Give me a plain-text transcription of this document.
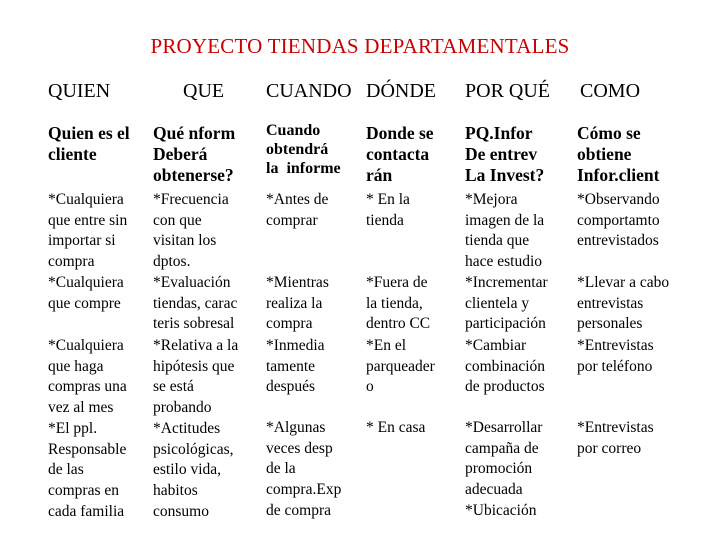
PROYECTO TIENDAS DEPARTAMENTALES
QUIEN	QUE CUANDO DÓNDE POR QUÉ COMO
Quien es el
cliente
Qué nform
Deberá
obtenerse?
Cuando
obtendrá
la  informe
Donde se
contacta
rán
PQ.Infor
De entrev
La Invest?
Cómo se
obtiene
Infor.client
*Cualquiera
que entre sin
importar si
compra
*Frecuencia
con que
visitan los
dptos.
*Antes de
comprar
* En la
tienda
*Mejora
imagen de la
tienda que
hace estudio
*Observando
comportamto
entrevistados
*Cualquiera
que compre
*Evaluación
tiendas, carac
teris sobresal
*Mientras
realiza la
compra
*Fuera de
la tienda,
dentro CC
*Incrementar
clientela y
participación
*Llevar a cabo
entrevistas
personales
*Cualquiera
que haga
compras una
vez al mes
*El ppl.
Responsable
de las
compras en
cada familia
*Relativa a la
hipótesis que
se está
probando
*Actitudes
psicológicas,
estilo vida,
habitos
consumo
*Inmedia
tamente
después
*En el
parqueader
o
*Cambiar
combinación
de productos
*Entrevistas
por teléfono
*Algunas
veces desp
de la
compra.Exp
de compra
* En casa	*Desarrollar
campaña de
promoción
adecuada
*Ubicación
*Entrevistas
por correo
